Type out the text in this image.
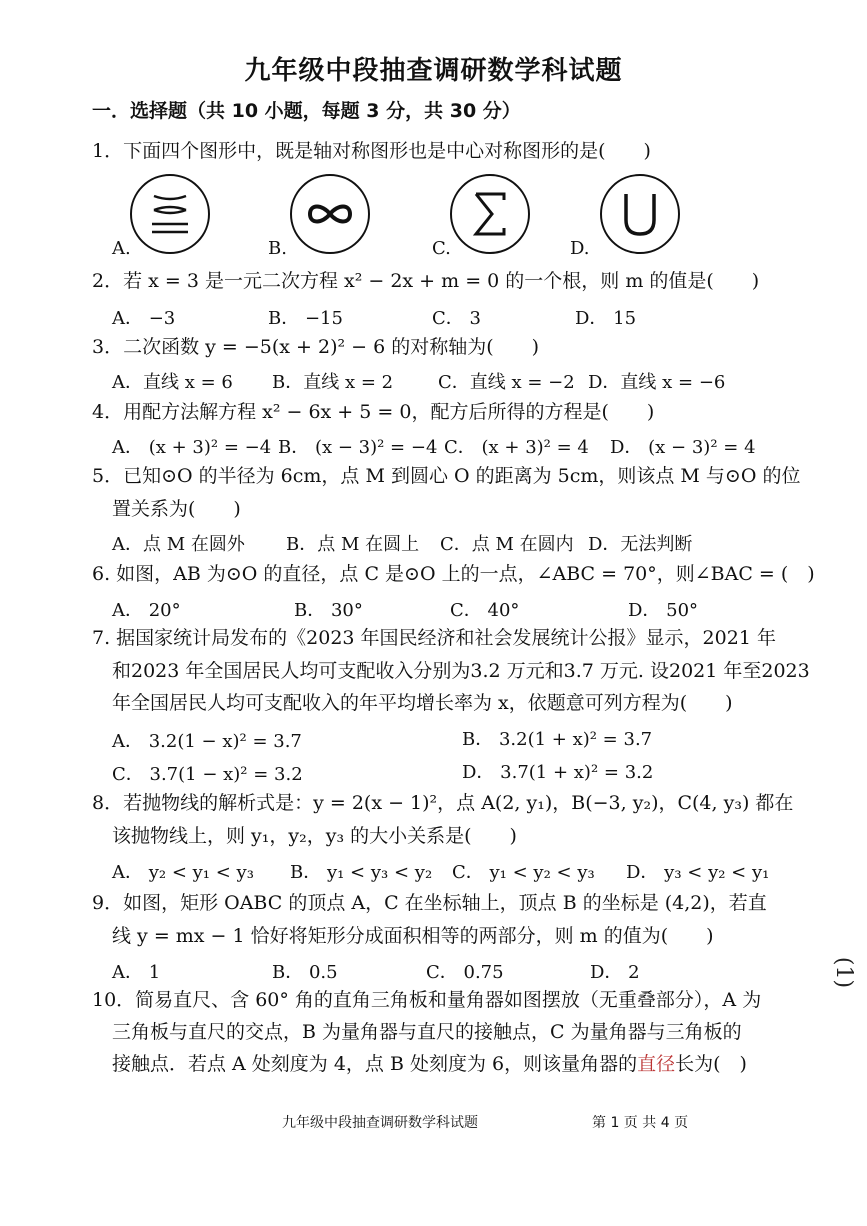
九年级中段抽查调研数学科试题
一．选择题（共 10 小题，每题 3 分，共 30 分）
1．下面四个图形中，既是轴对称图形也是中心对称图形的是(　　)
A.	B.	C.	D.
2．若 x = 3 是一元二次方程 x² − 2x + m = 0 的一个根，则 m 的值是(　　)
A． −3	B． −15	C． 3	D． 15
3．二次函数 y = −5(x + 2)² − 6 的对称轴为(　　)
A．直线 x = 6 B．直线 x = 2 C．直线 x = −2 D．直线 x = −6
4．用配方法解方程 x² − 6x + 5 = 0，配方后所得的方程是(　　)
A． (x + 3)² = −4 B． (x − 3)² = −4 C． (x + 3)² = 4 D． (x − 3)² = 4
5．已知⊙O 的半径为 6cm，点 M 到圆心 O 的距离为 5cm，则该点 M 与⊙O 的位
置关系为(　　)
A．点 M 在圆外 B．点 M 在圆上 C．点 M 在圆内 D．无法判断
6. 如图，AB 为⊙O 的直径，点 C 是⊙O 上的一点，∠ABC = 70°，则∠BAC = (　)
A． 20°	B． 30°	C． 40°	D． 50°
7. 据国家统计局发布的《2023 年国民经济和社会发展统计公报》显示，2021 年
和2023 年全国居民人均可支配收入分别为3.2 万元和3.7 万元. 设2021 年至2023
年全国居民人均可支配收入的年平均增长率为 x，依题意可列方程为(　　)
A． 3.2(1 − x)² = 3.7	B． 3.2(1 + x)² = 3.7
C． 3.7(1 − x)² = 3.2	D． 3.7(1 + x)² = 3.2
8．若抛物线的解析式是：y = 2(x − 1)²，点 A(2, y₁)，B(−3, y₂)，C(4, y₃) 都在
该抛物线上，则 y₁，y₂，y₃ 的大小关系是(　　)
A． y₂ < y₁ < y₃ B． y₁ < y₃ < y₂ C． y₁ < y₂ < y₃ D． y₃ < y₂ < y₁
9．如图，矩形 OABC 的顶点 A，C 在坐标轴上，顶点 B 的坐标是 (4,2)，若直
线 y = mx − 1 恰好将矩形分成面积相等的两部分，则 m 的值为(　　)
A． 1	B． 0.5	C． 0.75	D． 2
10．简易直尺、含 60° 角的直角三角板和量角器如图摆放（无重叠部分），A 为
三角板与直尺的交点，B 为量角器与直尺的接触点，C 为量角器与三角板的
接触点．若点 A 处刻度为 4，点 B 处刻度为 6，则该量角器的直径长为(　)
(1)
九年级中段抽查调研数学科试题	第 1 页 共 4 页
